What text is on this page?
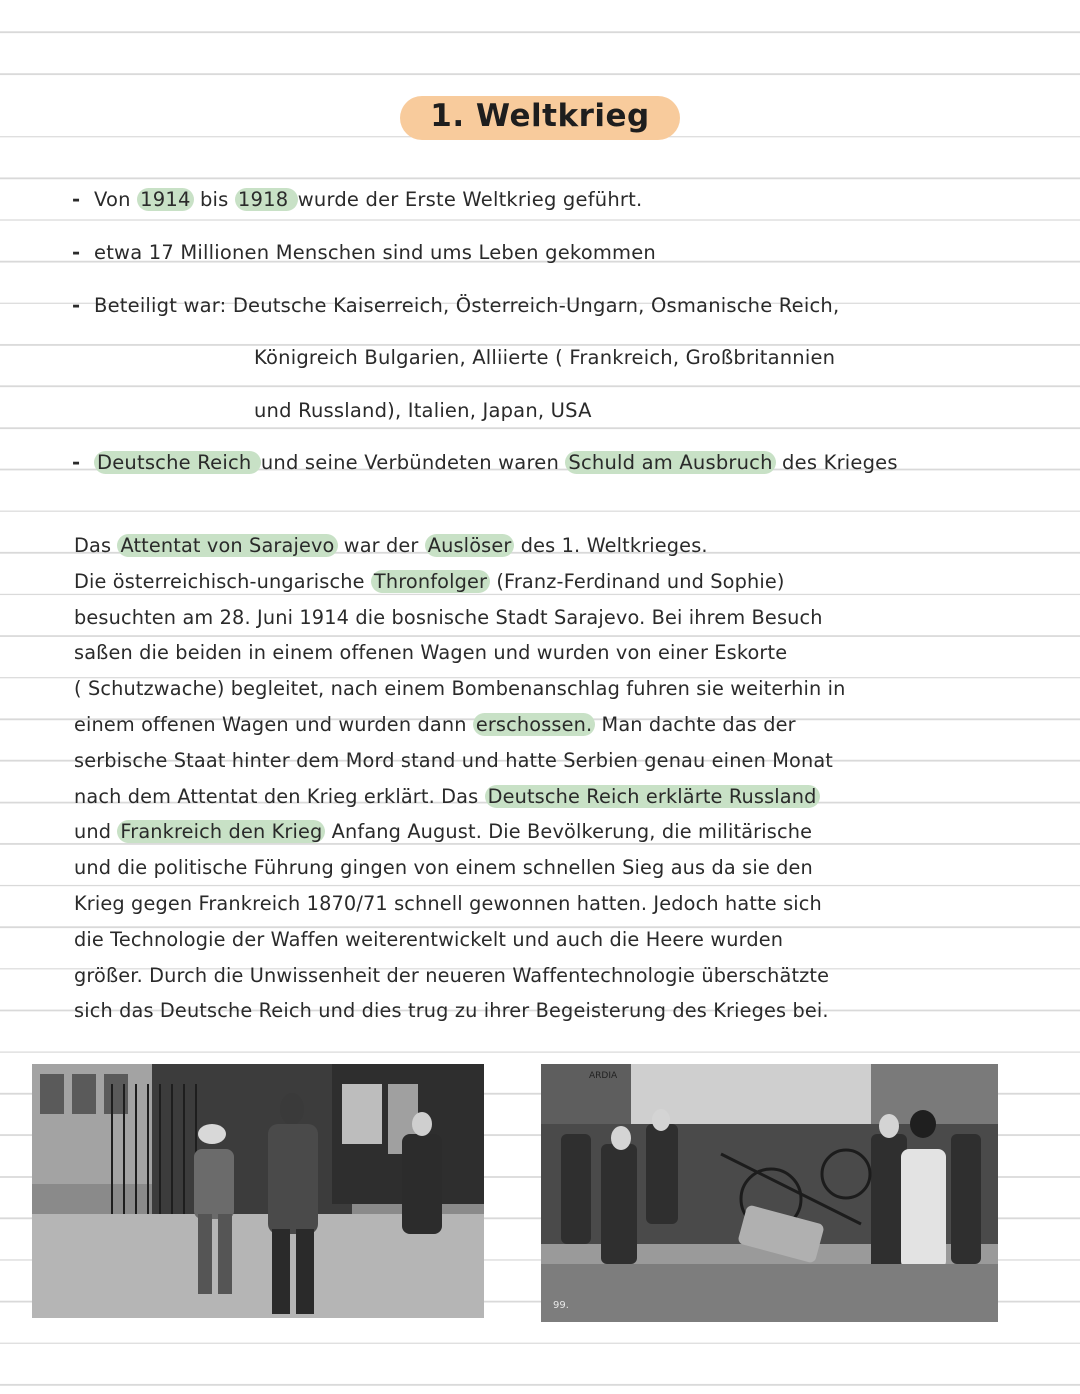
1. Weltkrieg
- Von 1914 bis 1918 wurde der Erste Weltkrieg geführt.
- etwa 17 Millionen Menschen sind ums Leben gekommen
- Beteiligt war: Deutsche Kaiserreich, Österreich-Ungarn, Osmanische Reich,
Königreich Bulgarien, Alliierte ( Frankreich, Großbritannien
und Russland), Italien, Japan, USA
- Deutsche Reich und seine Verbündeten waren Schuld am Ausbruch des Krieges
Das Attentat von Sarajevo war der Auslöser des 1. Weltkrieges.
Die österreichisch-ungarische Thronfolger (Franz-Ferdinand und Sophie)
besuchten am 28. Juni 1914 die bosnische Stadt Sarajevo. Bei ihrem Besuch
saßen die beiden in einem offenen Wagen und wurden von einer Eskorte
( Schutzwache) begleitet, nach einem Bombenanschlag fuhren sie weiterhin in
einem offenen Wagen und wurden dann erschossen. Man dachte das der
serbische Staat hinter dem Mord stand und hatte Serbien genau einen Monat
nach dem Attentat den Krieg erklärt. Das Deutsche Reich erklärte Russland
und Frankreich den Krieg Anfang August. Die Bevölkerung, die militärische
und die politische Führung gingen von einem schnellen Sieg aus da sie den
Krieg gegen Frankreich 1870/71 schnell gewonnen hatten. Jedoch hatte sich
die Technologie der Waffen weiterentwickelt und auch die Heere wurden
größer. Durch die Unwissenheit der neueren Waffentechnologie überschätzte
sich das Deutsche Reich und dies trug zu ihrer Begeisterung des Krieges bei.
ARDIA
99.
